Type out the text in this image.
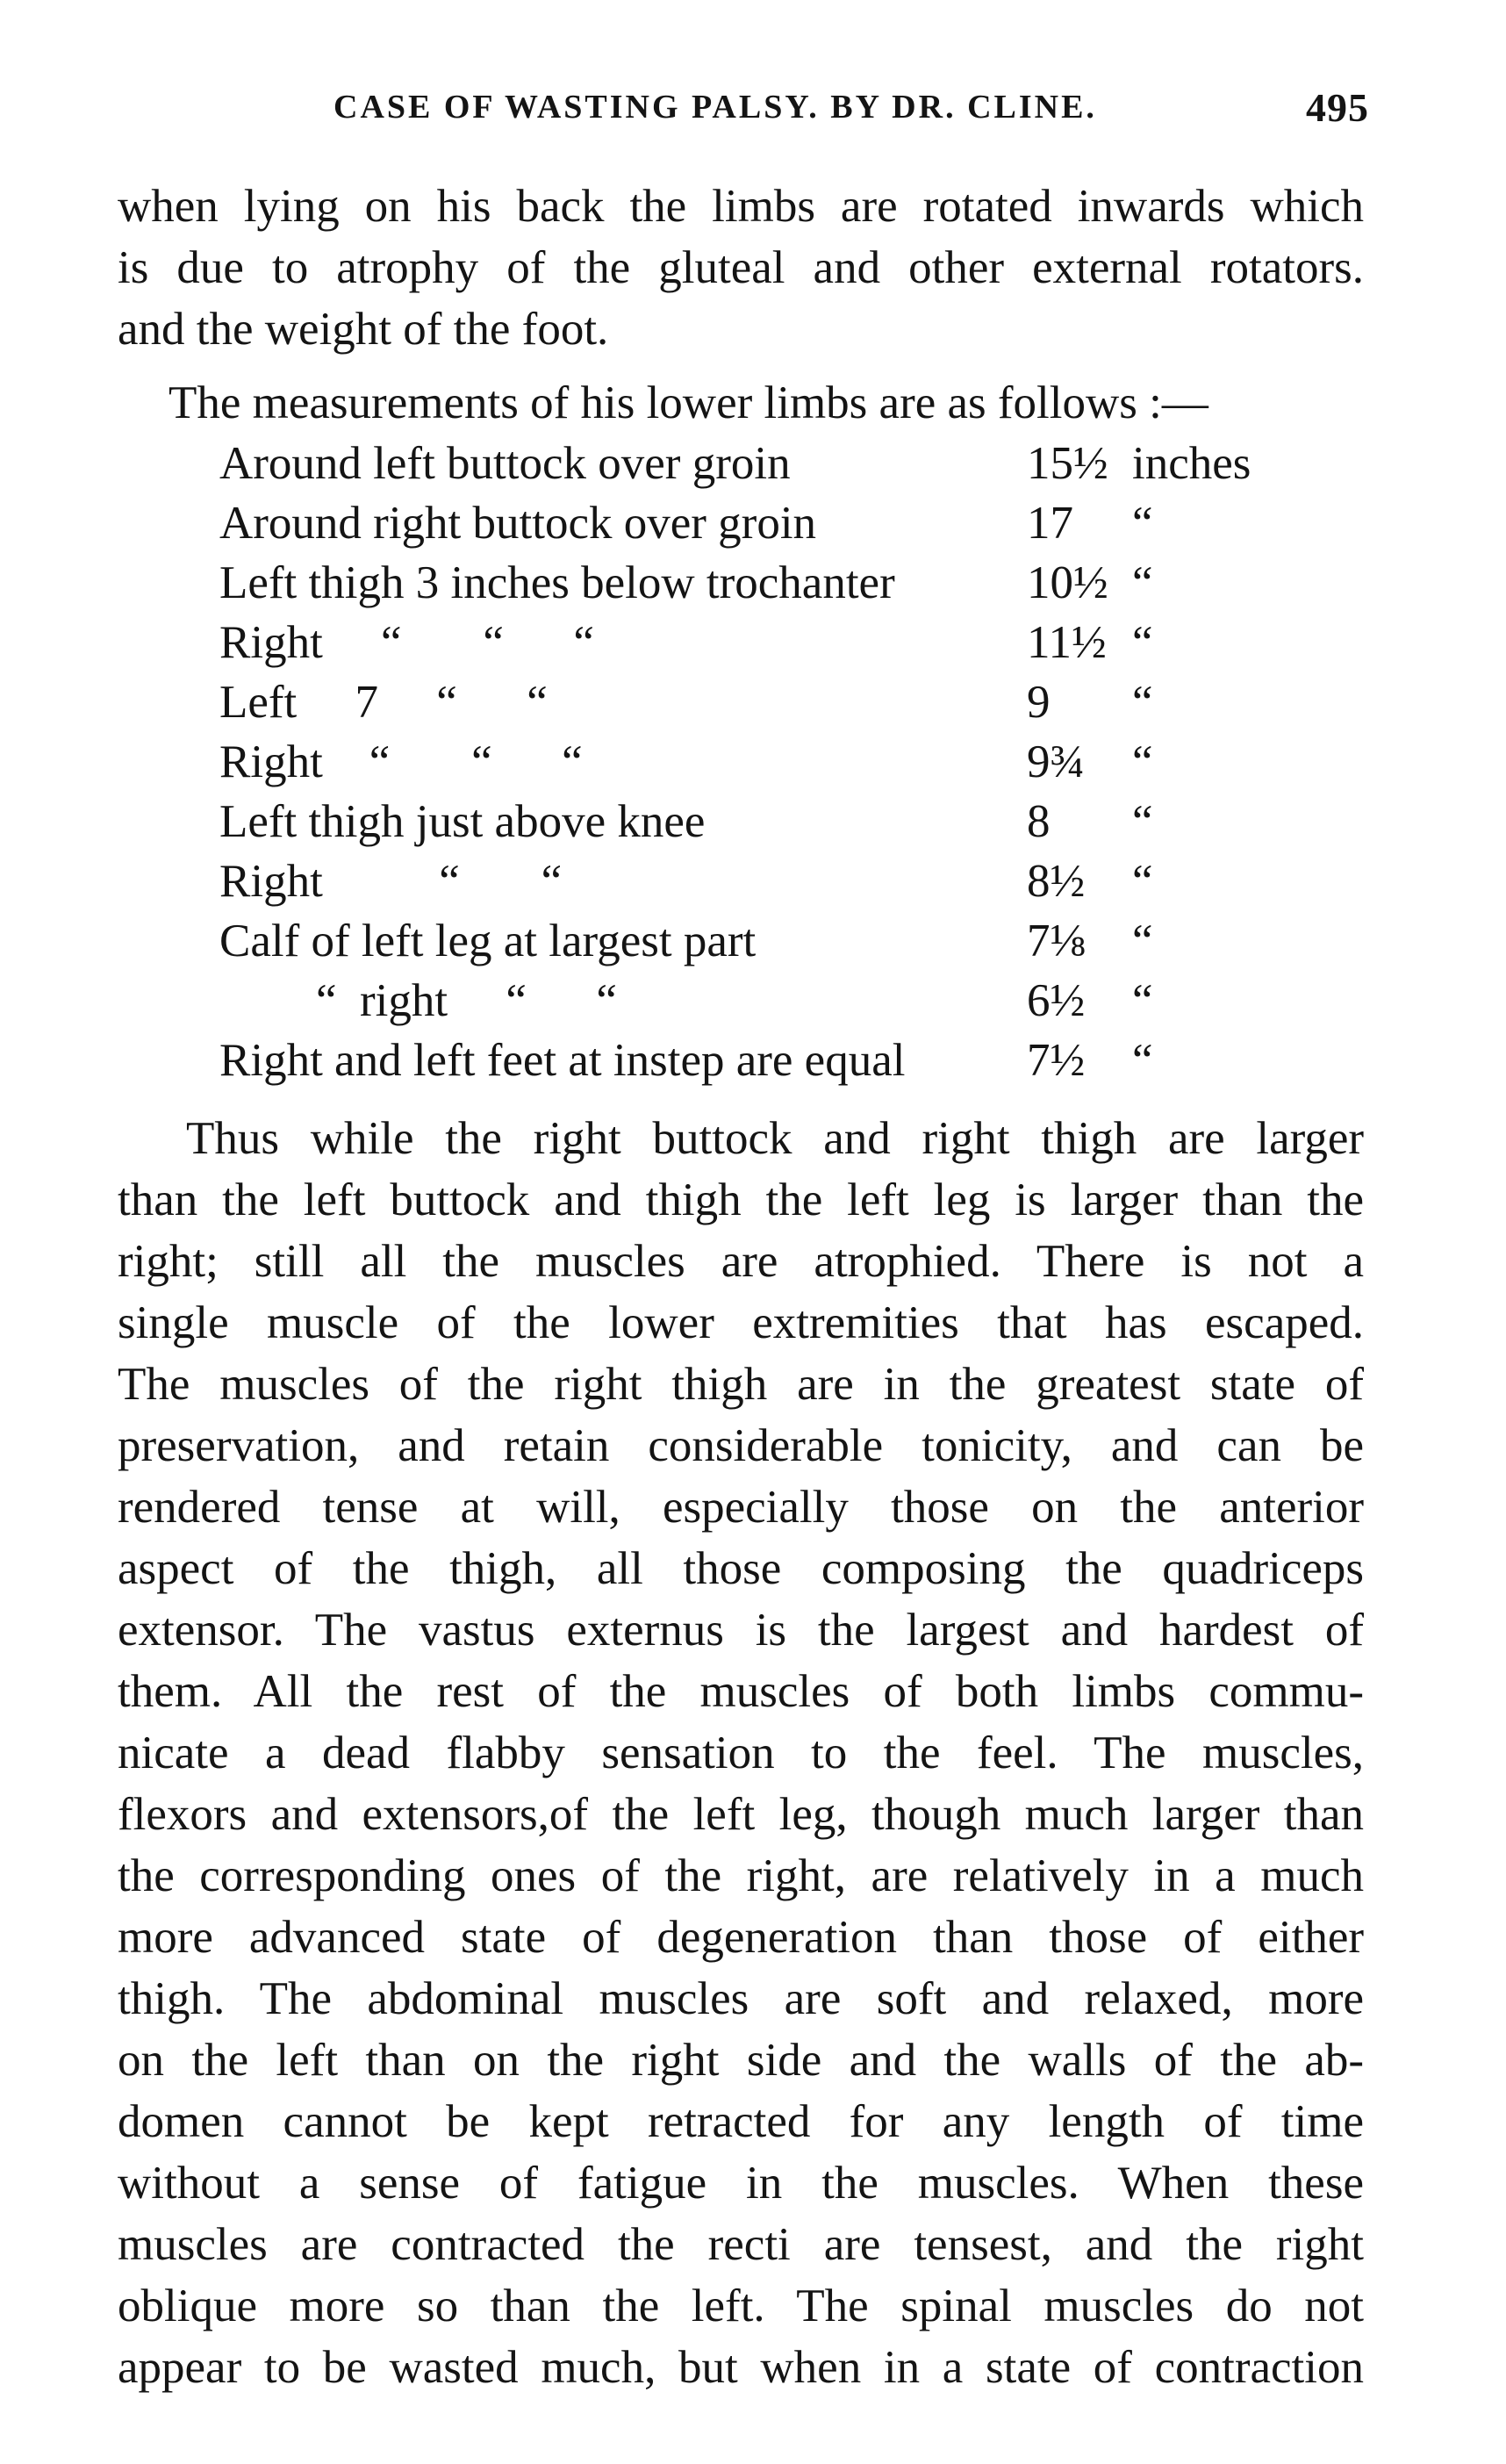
CASE OF WASTING PALSY. BY DR. CLINE.	495
when lying on his back the limbs are rotated inwards which
is due to atrophy of the gluteal and other external rotators.
and the weight of the foot.
The measurements of his lower limbs are as follows :—
Around left buttock over groin	15½ inches
Around right buttock over groin	17 “
Left thigh 3 inches below trochanter	10½ “
Right     “       “      “	11½ “
Left     7     “      “	9 “
Right    “       “      “	9¾ “
Left thigh just above knee	8 “
Right          “       “	8½ “
Calf of left leg at largest part	7⅛ “
“  right     “      “	6½ “
Right and left feet at instep are equal	7½ “
Thus while the right buttock and right thigh are larger
than the left buttock and thigh the left leg is larger than the
right; still all the muscles are atrophied. There is not a
single muscle of the lower extremities that has escaped.
The muscles of the right thigh are in the greatest state of
preservation, and retain considerable tonicity, and can be
rendered tense at will, especially those on the anterior
aspect of the thigh, all those composing the quadriceps
extensor. The vastus externus is the largest and hardest of
them. All the rest of the muscles of both limbs commu-
nicate a dead flabby sensation to the feel. The muscles,
flexors and extensors,of the left leg, though much larger than
the corresponding ones of the right, are relatively in a much
more advanced state of degeneration than those of either
thigh. The abdominal muscles are soft and relaxed, more
on the left than on the right side and the walls of the ab-
domen cannot be kept retracted for any length of time
without a sense of fatigue in the muscles. When these
muscles are contracted the recti are tensest, and the right
oblique more so than the left. The spinal muscles do not
appear to be wasted much, but when in a state of contraction
